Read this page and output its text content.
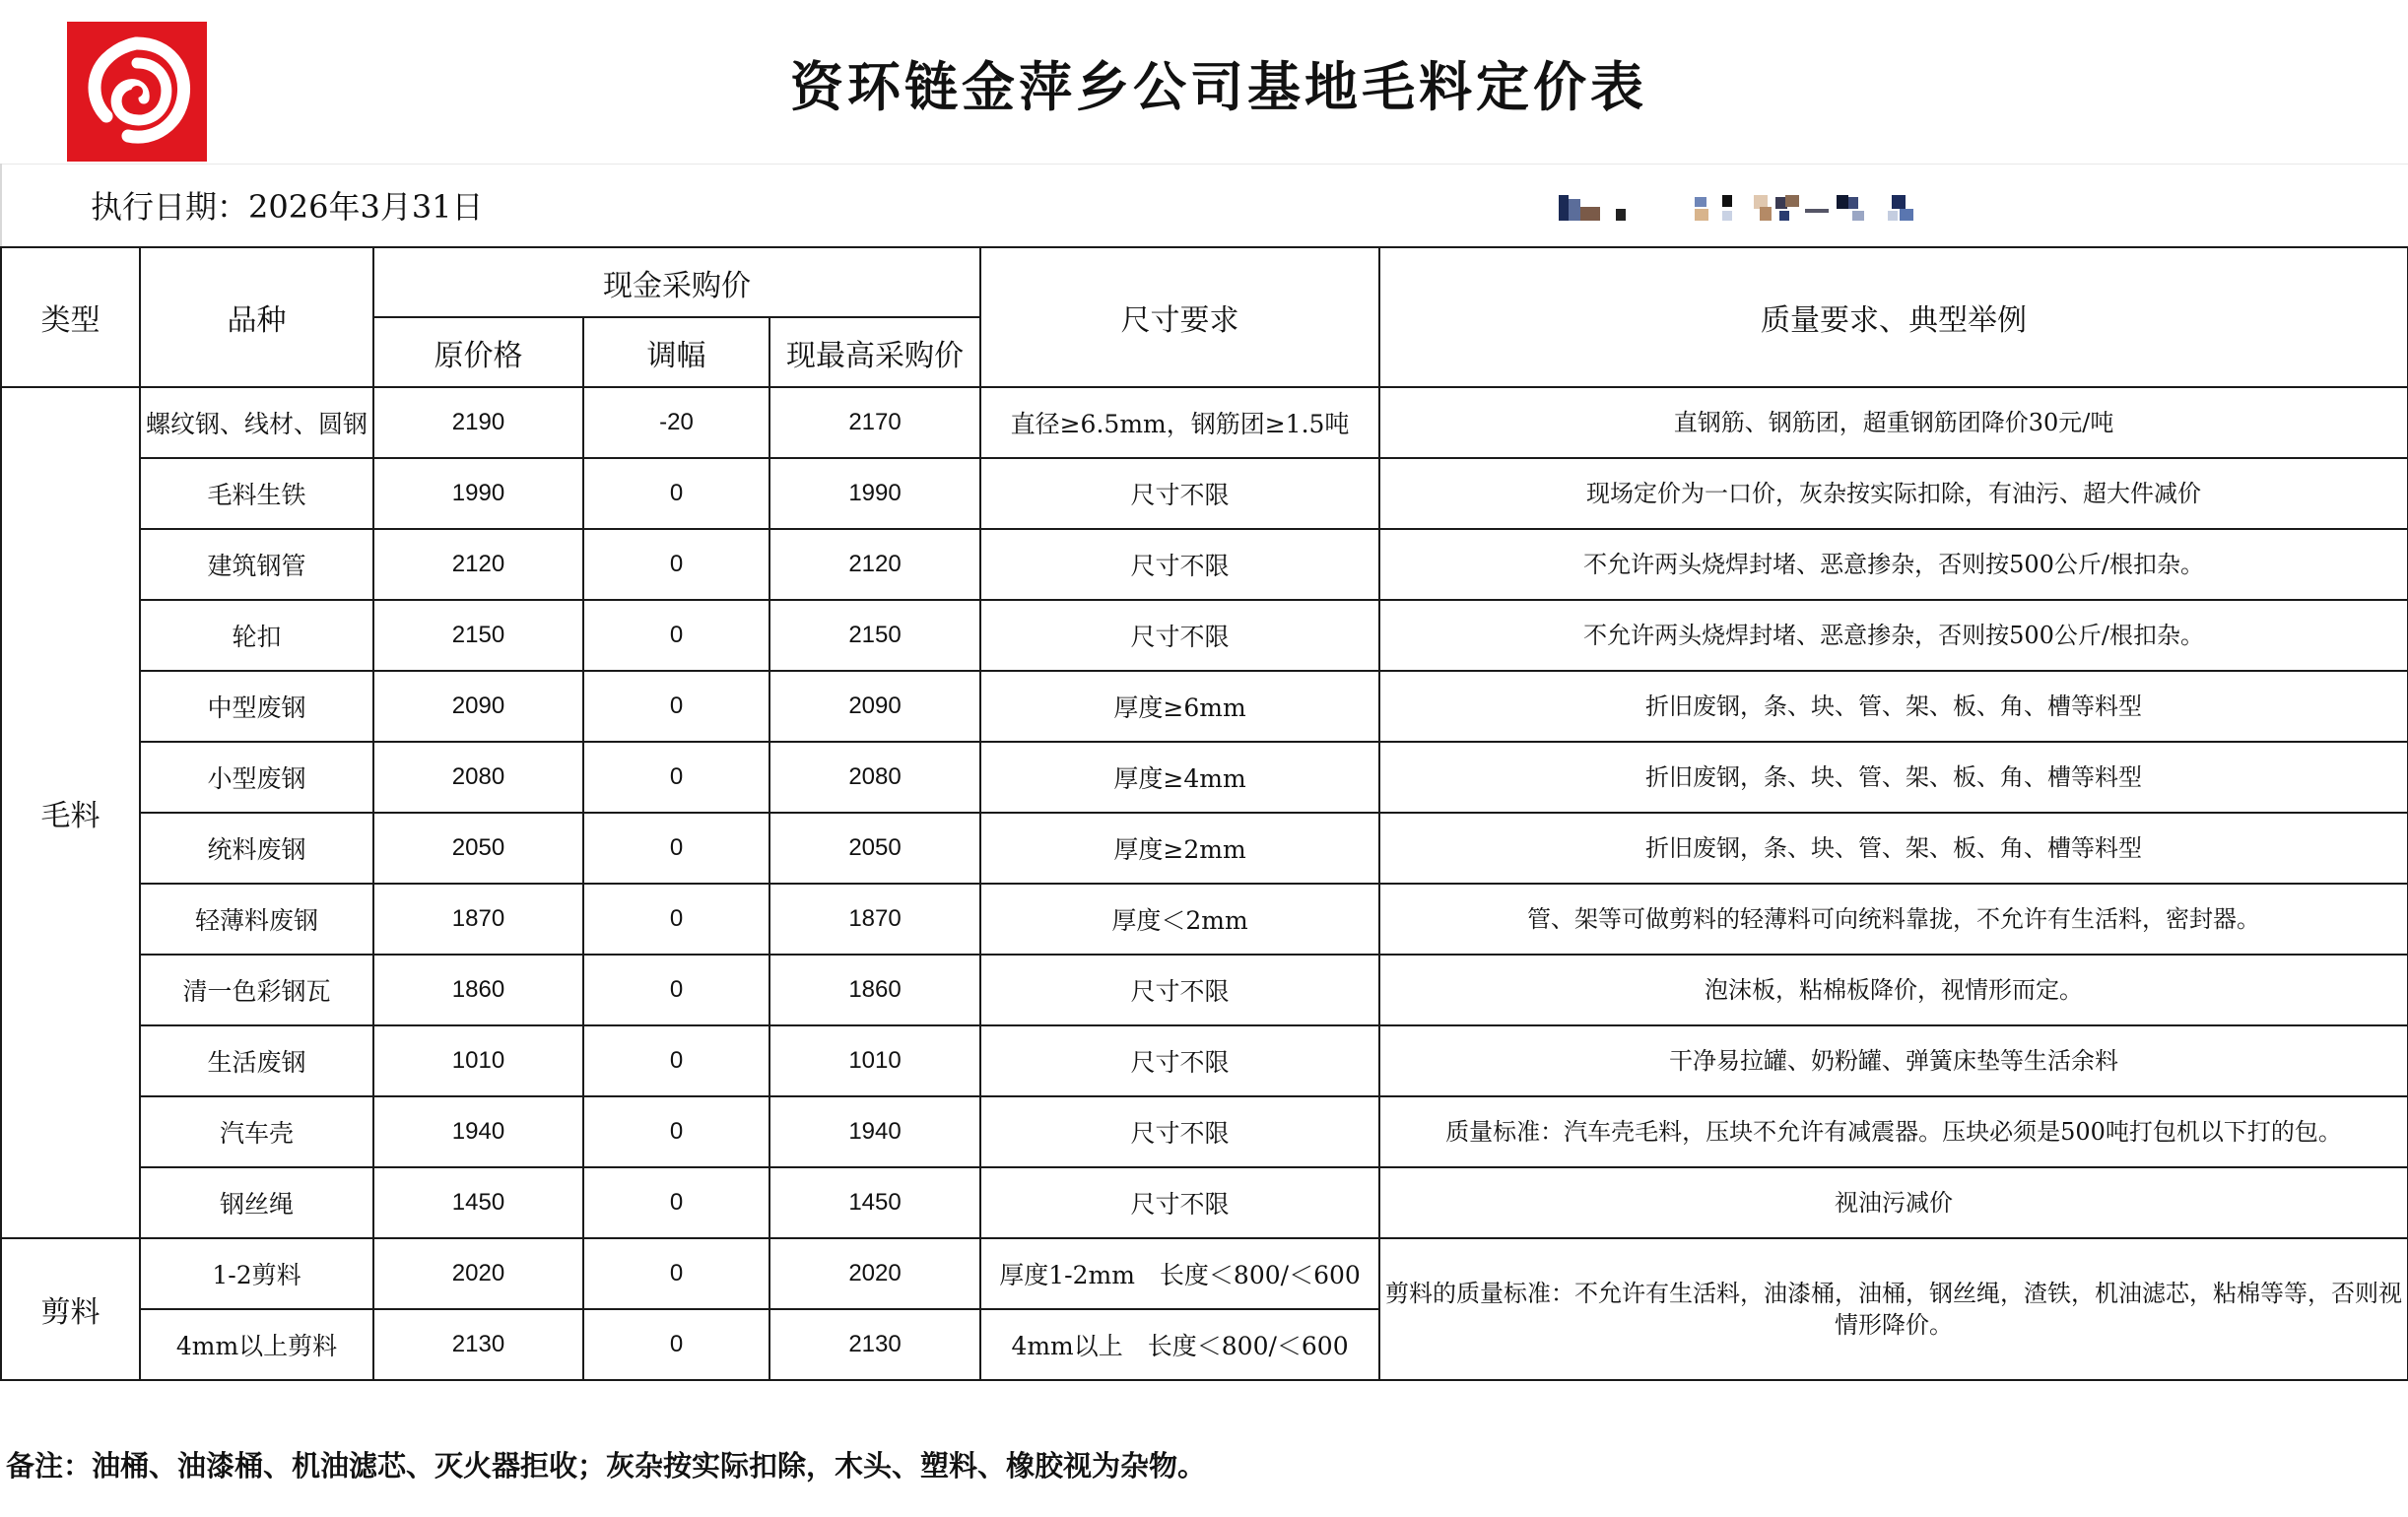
资环链金萍乡公司基地毛料定价表
执行日期：2026年3月31日
类型	品种	现金采购价			尺寸要求	质量要求、典型举例
		原价格	调幅	现最高采购价		
毛料	螺纹钢、线材、圆钢	2190	-20	2170	直径≥6.5mm，钢筋团≥1.5吨	直钢筋、钢筋团，超重钢筋团降价30元/吨
	毛料生铁	1990	0	1990	尺寸不限	现场定价为一口价，灰杂按实际扣除，有油污、超大件减价
	建筑钢管	2120	0	2120	尺寸不限	不允许两头烧焊封堵、恶意掺杂，否则按500公斤/根扣杂。
	轮扣	2150	0	2150	尺寸不限	不允许两头烧焊封堵、恶意掺杂，否则按500公斤/根扣杂。
	中型废钢	2090	0	2090	厚度≥6mm	折旧废钢，条、块、管、架、板、角、槽等料型
	小型废钢	2080	0	2080	厚度≥4mm	折旧废钢，条、块、管、架、板、角、槽等料型
	统料废钢	2050	0	2050	厚度≥2mm	折旧废钢，条、块、管、架、板、角、槽等料型
	轻薄料废钢	1870	0	1870	厚度＜2mm	管、架等可做剪料的轻薄料可向统料靠拢，不允许有生活料，密封器。
	清一色彩钢瓦	1860	0	1860	尺寸不限	泡沫板，粘棉板降价，视情形而定。
	生活废钢	1010	0	1010	尺寸不限	干净易拉罐、奶粉罐、弹簧床垫等生活余料
	汽车壳	1940	0	1940	尺寸不限	质量标准：汽车壳毛料，压块不允许有减震器。压块必须是500吨打包机以下打的包。
	钢丝绳	1450	0	1450	尺寸不限	视油污减价
剪料	1-2剪料	2020	0	2020	厚度1-2mm　长度＜800/＜600	剪料的质量标准：不允许有生活料，油漆桶，油桶，钢丝绳，渣铁，机油滤芯，粘棉等等，否则视情形降价。
	4mm以上剪料	2130	0	2130	4mm以上　长度＜800/＜600	
备注：油桶、油漆桶、机油滤芯、灭火器拒收；灰杂按实际扣除，木头、塑料、橡胶视为杂物。
